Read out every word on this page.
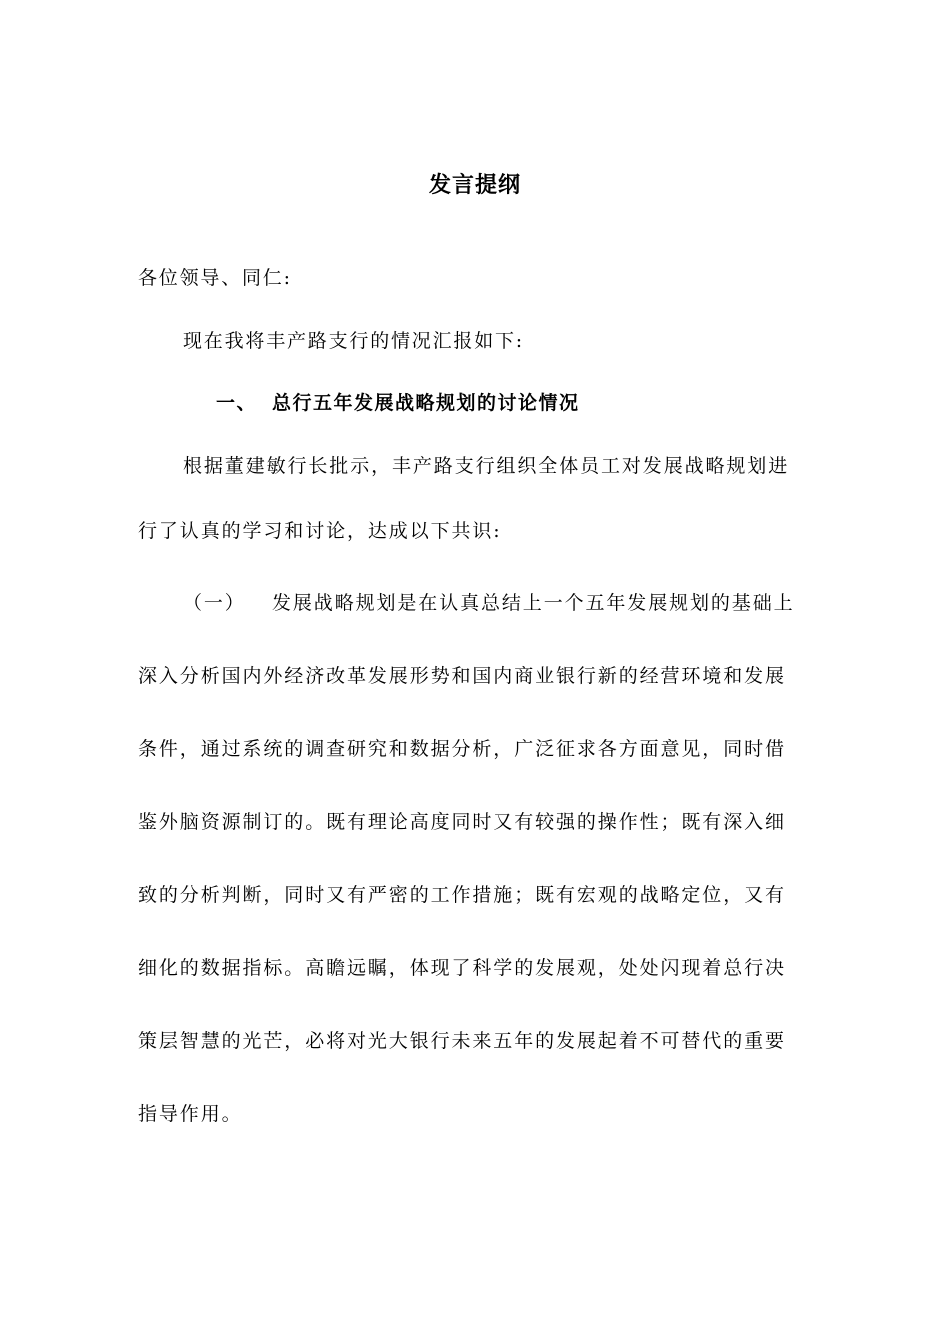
发言提纲
各位领导、同仁:
现在我将丰产路支行的情况汇报如下:
一、 总行五年发展战略规划的讨论情况
根据董建敏行长批示，丰产路支行组织全体员工对发展战略规划进
行了认真的学习和讨论，达成以下共识:
（一） 发展战略规划是在认真总结上一个五年发展规划的基础上
深入分析国内外经济改革发展形势和国内商业银行新的经营环境和发展
条件，通过系统的调查研究和数据分析，广泛征求各方面意见，同时借
鉴外脑资源制订的。既有理论高度同时又有较强的操作性；既有深入细
致的分析判断，同时又有严密的工作措施；既有宏观的战略定位，又有
细化的数据指标。高瞻远瞩，体现了科学的发展观，处处闪现着总行决
策层智慧的光芒，必将对光大银行未来五年的发展起着不可替代的重要
指导作用。
